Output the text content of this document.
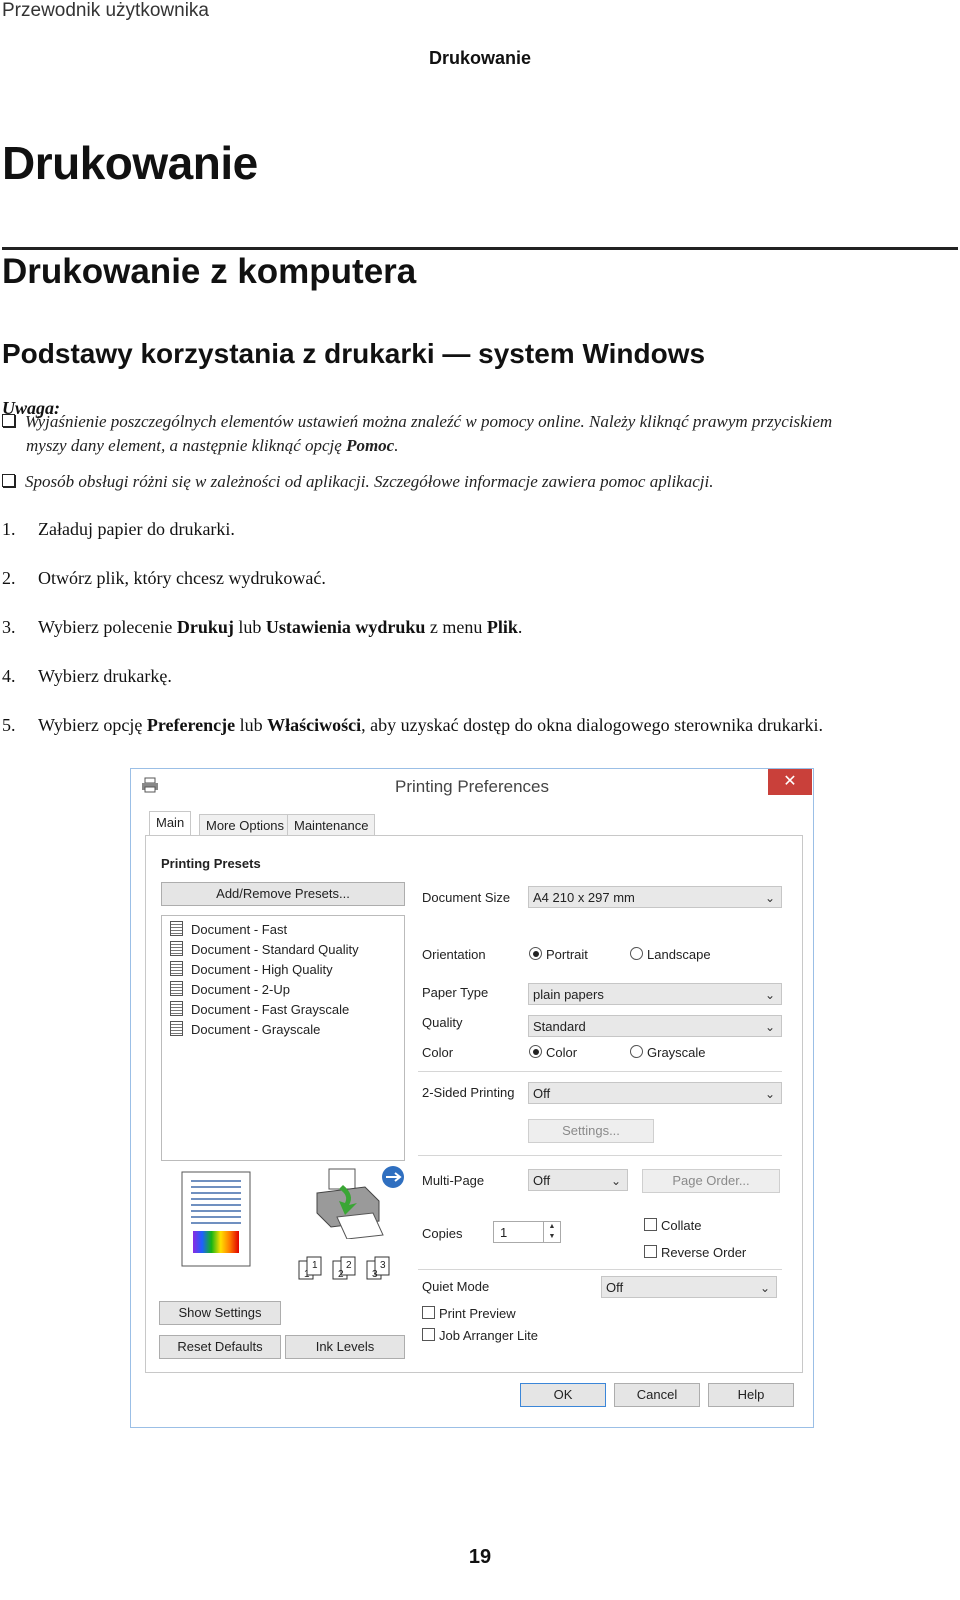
Przewodnik użytkownika
Drukowanie
Drukowanie
Drukowanie z komputera
Podstawy korzystania z drukarki — system Windows
Uwaga:
Wyjaśnienie poszczególnych elementów ustawień można znaleźć w pomocy online. Należy kliknąć prawym przyciskiem
myszy dany element, a następnie kliknąć opcję Pomoc.
Sposób obsługi różni się w zależności od aplikacji. Szczegółowe informacje zawiera pomoc aplikacji.
1. Załaduj papier do drukarki.
2. Otwórz plik, który chcesz wydrukować.
3. Wybierz polecenie Drukuj lub Ustawienia wydruku z menu Plik.
4. Wybierz drukarkę.
5. Wybierz opcję Preferencje lub Właściwości, aby uzyskać dostęp do okna dialogowego sterownika drukarki.
Printing Preferences	✕
Main	More Options Maintenance
Printing Presets
Add/Remove Presets...
Document - Fast
Document - Standard Quality
Document - High Quality
Document - 2-Up
Document - Fast Grayscale
Document - Grayscale
1
1
2
2
3
3
Show Settings
Reset Defaults	Ink Levels
Document Size	A4 210 x 297 mm	⌄
Orientation	Portrait	Landscape
Paper Type	plain papers	⌄
Quality	Standard	⌄
Color	Color	Grayscale
2-Sided Printing	Off	⌄
Settings...
Multi-Page	Off	⌄	Page Order...
Copies	1	▲
▼
Collate
Reverse Order
Quiet Mode	Off	⌄
Print Preview
Job Arranger Lite
OK	Cancel	Help
19
